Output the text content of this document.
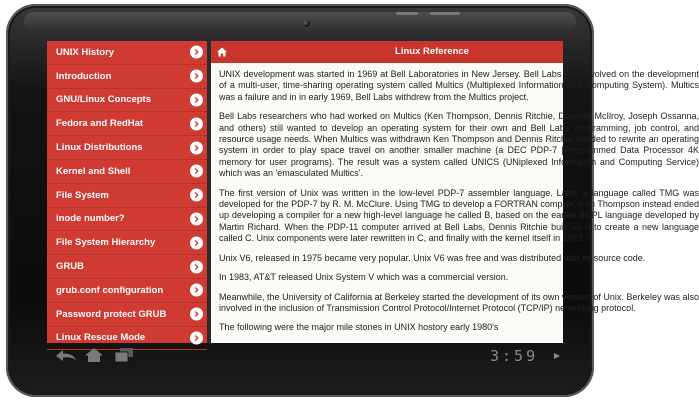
UNIX History
Introduction
GNU/Linux Concepts
Fedora and RedHat
Linux Distributions
Kernel and Shell
File System
inode number?
File System Hierarchy
GRUB
grub.conf configuration
Password protect GRUB
Linux Rescue Mode
Linux Reference

UNIX development was started in 1969 at Bell Laboratories in New Jersey. Bell Labs was involved on the development of a multi-user, time-sharing operating system called Multics (Multiplexed Information and Computing System). Multics was a failure and in in early 1969, Bell Labs withdrew from the Multics project.

Bell Labs researchers who had worked on Multics (Ken Thompson, Dennis Ritchie, Douglas McIlroy, Joseph Ossanna, and others) still wanted to develop an operating system for their own and Bell Labs' programming, job control, and resource usage needs. When Multics was withdrawn Ken Thompson and Dennis Ritchie needed to rewrite an operating system in order to play space travel on another smaller machine (a DEC PDP-7 [Programmed Data Processor 4K memory for user programs). The result was a system called UNICS (UNiplexed Information and Computing Service) which was an 'emasculated Multics'.

The first version of Unix was written in the low-level PDP-7 assembler language. Later, a language called TMG was developed for the PDP-7 by R. M. McClure. Using TMG to develop a FORTRAN compiler, Ken Thompson instead ended up developing a compiler for a new high-level language he called B, based on the earlier BCPL language developed by Martin Richard. When the PDP-11 computer arrived at Bell Labs, Dennis Ritchie built on B to create a new language called C. Unix components were later rewritten in C, and finally with the kernel itself in 1973.

Unix V6, released in 1975 became very popular. Unix V6 was free and was distributed with its source code.

In 1983, AT&T released Unix System V which was a commercial version.

Meanwhile, the University of California at Berkeley started the development of its own version of Unix. Berkeley was also involved in the inclusion of Transmission Control Protocol/Internet Protocol (TCP/IP) networking protocol.

The following were the major mile stones in UNIX hostory early 1980's

3:59
